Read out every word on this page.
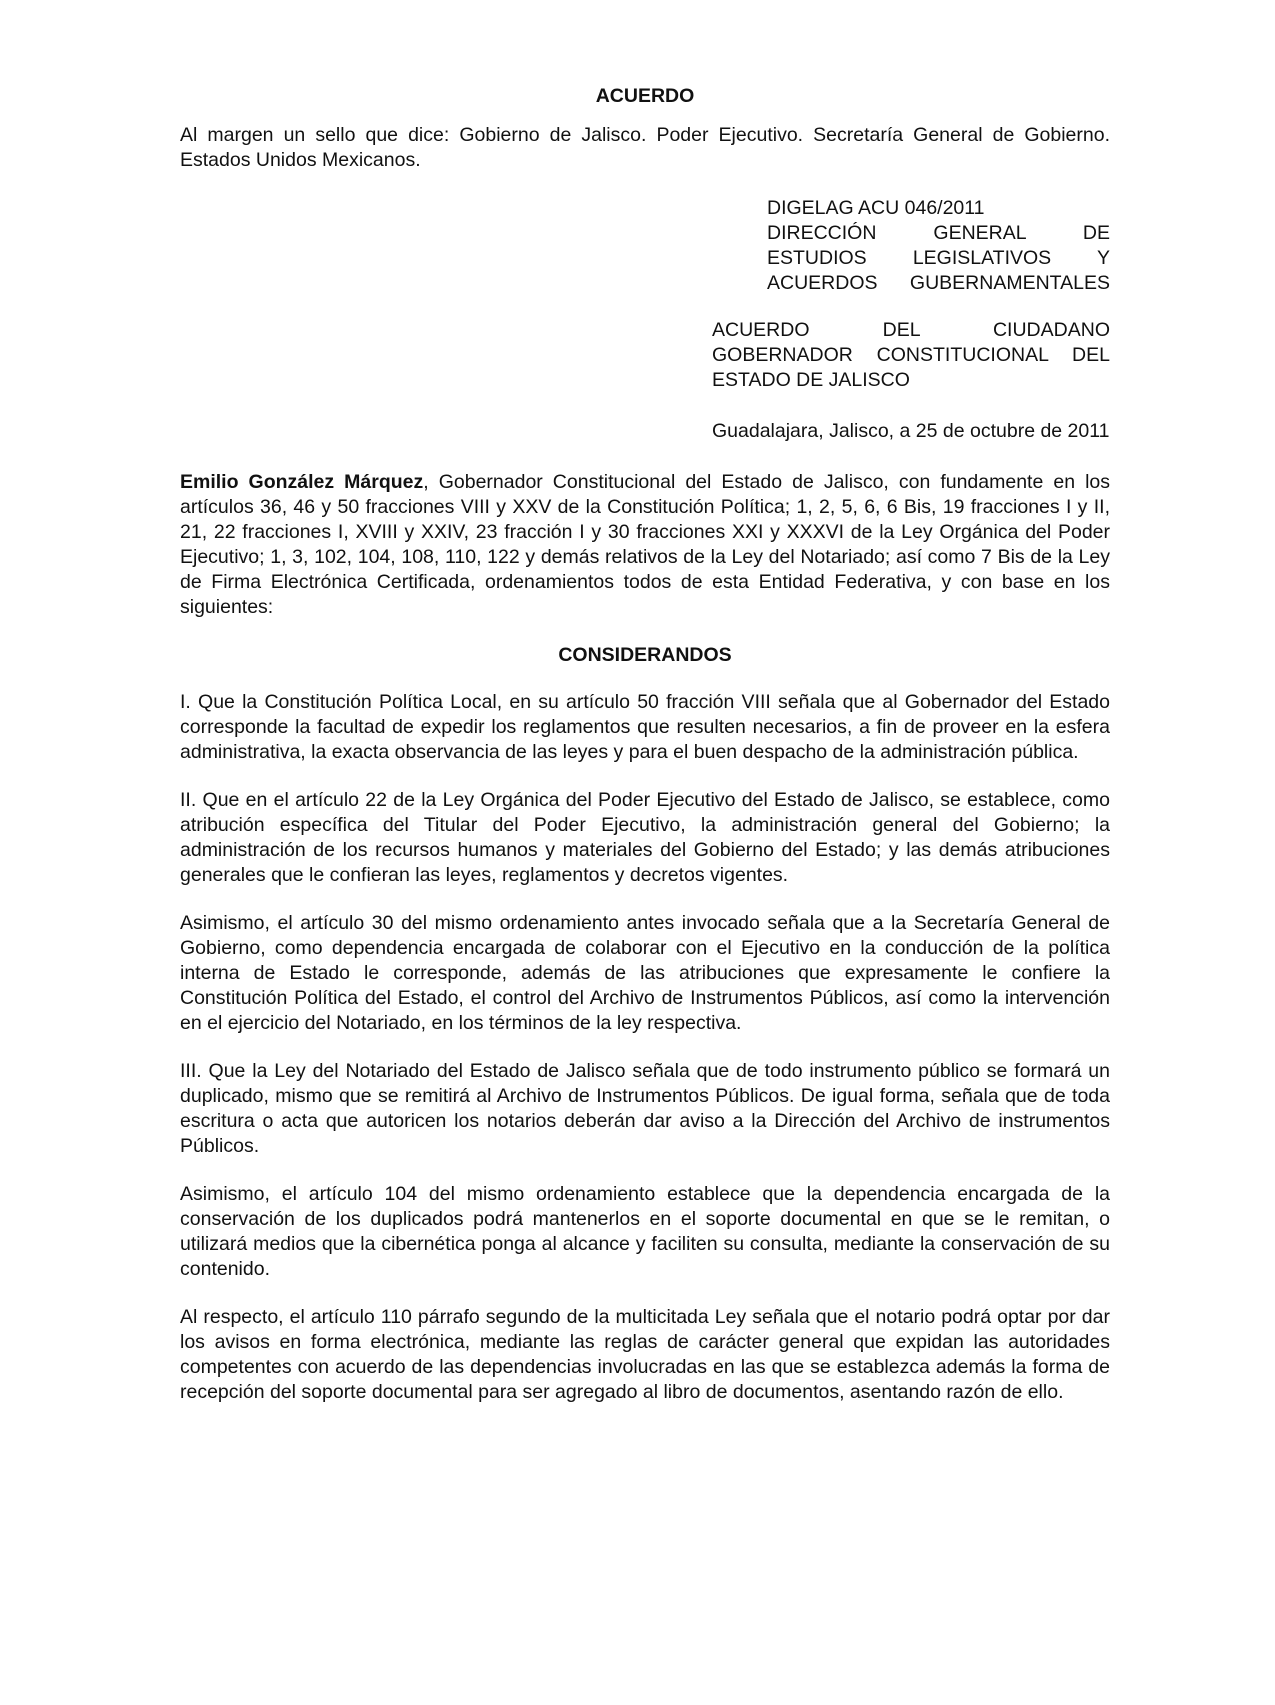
ACUERDO

Al margen un sello que dice: Gobierno de Jalisco. Poder Ejecutivo. Secretaría General de Gobierno. Estados Unidos Mexicanos.

DIGELAG ACU 046/2011
DIRECCIÓN GENERAL DE
ESTUDIOS LEGISLATIVOS Y
ACUERDOS GUBERNAMENTALES
ACUERDO DEL CIUDADANO
GOBERNADOR CONSTITUCIONAL DEL
ESTADO DE JALISCO
Guadalajara, Jalisco, a 25 de octubre de 2011

Emilio González Márquez, Gobernador Constitucional del Estado de Jalisco, con fundamente en los artículos 36, 46 y 50 fracciones VIII y XXV de la Constitución Política; 1, 2, 5, 6, 6 Bis, 19 fracciones I y II, 21, 22 fracciones I, XVIII y XXIV, 23 fracción I y 30 fracciones XXI y XXXVI de la Ley Orgánica del Poder Ejecutivo; 1, 3, 102, 104, 108, 110, 122 y demás relativos de la Ley del Notariado; así como 7 Bis de la Ley de Firma Electrónica Certificada, ordenamientos todos de esta Entidad Federativa, y con base en los siguientes:

CONSIDERANDOS

I. Que la Constitución Política Local, en su artículo 50 fracción VIII señala que al Gobernador del Estado corresponde la facultad de expedir los reglamentos que resulten necesarios, a fin de proveer en la esfera administrativa, la exacta observancia de las leyes y para el buen despacho de la administración pública.

II. Que en el artículo 22 de la Ley Orgánica del Poder Ejecutivo del Estado de Jalisco, se establece, como atribución específica del Titular del Poder Ejecutivo, la administración general del Gobierno; la administración de los recursos humanos y materiales del Gobierno del Estado; y las demás atribuciones generales que le confieran las leyes, reglamentos y decretos vigentes.

Asimismo, el artículo 30 del mismo ordenamiento antes invocado señala que a la Secretaría General de Gobierno, como dependencia encargada de colaborar con el Ejecutivo en la conducción de la política interna de Estado le corresponde, además de las atribuciones que expresamente le confiere la Constitución Política del Estado, el control del Archivo de Instrumentos Públicos, así como la intervención en el ejercicio del Notariado, en los términos de la ley respectiva.

III. Que la Ley del Notariado del Estado de Jalisco señala que de todo instrumento público se formará un duplicado, mismo que se remitirá al Archivo de Instrumentos Públicos. De igual forma, señala que de toda escritura o acta que autoricen los notarios deberán dar aviso a la Dirección del Archivo de instrumentos Públicos.

Asimismo, el artículo 104 del mismo ordenamiento establece que la dependencia encargada de la conservación de los duplicados podrá mantenerlos en el soporte documental en que se le remitan, o utilizará medios que la cibernética ponga al alcance y faciliten su consulta, mediante la conservación de su contenido.

Al respecto, el artículo 110 párrafo segundo de la multicitada Ley señala que el notario podrá optar por dar los avisos en forma electrónica, mediante las reglas de carácter general que expidan las autoridades competentes con acuerdo de las dependencias involucradas en las que se establezca además la forma de recepción del soporte documental para ser agregado al libro de documentos, asentando razón de ello.
